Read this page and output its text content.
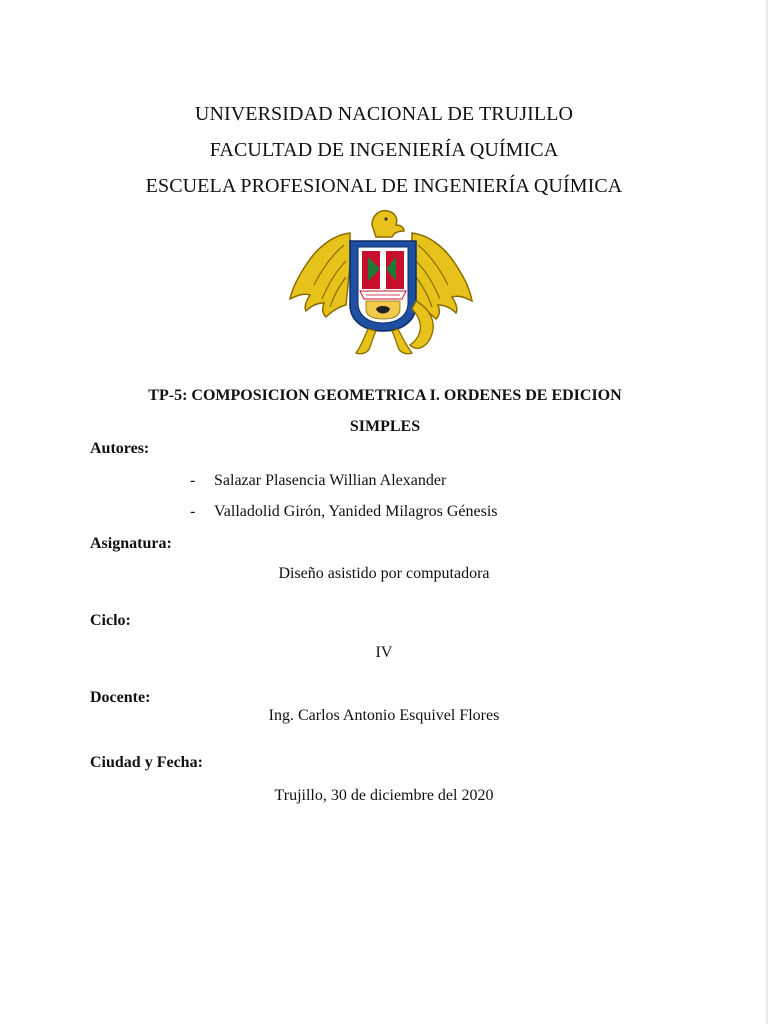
UNIVERSIDAD NACIONAL DE TRUJILLO
FACULTAD DE INGENIERÍA QUÍMICA
ESCUELA PROFESIONAL DE INGENIERÍA QUÍMICA
TP-5: COMPOSICION GEOMETRICA I. ORDENES DE EDICION
SIMPLES
Autores:
- Salazar Plasencia Willian Alexander
- Valladolid Girón, Yanided Milagros Génesis
Asignatura:
Diseño asistido por computadora
Ciclo:
IV
Docente:
Ing. Carlos Antonio Esquivel Flores
Ciudad y Fecha:
Trujillo, 30 de diciembre del 2020
